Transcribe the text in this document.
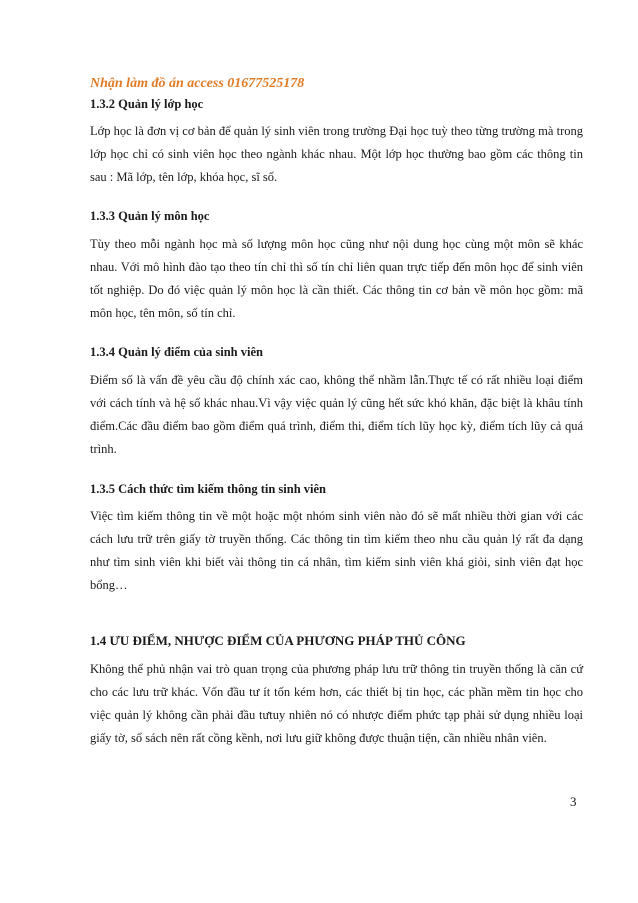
Nhận làm đồ án access 01677525178

1.3.2 Quản lý lớp học

Lớp học là đơn vị cơ bản để quản lý sinh viên trong trường Đại học tuỳ theo từng trường mà trong lớp học chỉ có sinh viên học theo ngành khác nhau. Một lớp học thường bao gồm các thông tin sau : Mã lớp, tên lớp, khóa học, sĩ số.

1.3.3 Quản lý môn học

Tùy theo mỗi ngành học mà số lượng môn học cũng như nội dung học cùng một môn sẽ khác nhau. Với mô hình đào tạo theo tín chỉ thì số tín chỉ liên quan trực tiếp đến môn học để sinh viên tốt nghiệp. Do đó việc quản lý môn học là cần thiết. Các thông tin cơ bản về môn học gồm: mã môn học, tên môn, số tín chỉ.

1.3.4 Quản lý điểm của sinh viên

Điểm số là vấn đề yêu cầu độ chính xác cao, không thể nhầm lẫn.Thực tế có rất nhiều loại điểm với cách tính và hệ số khác nhau.Vì vậy việc quản lý cũng hết sức khó khăn, đặc biệt là khâu tính điểm.Các đầu điểm bao gồm điểm quá trình, điểm thi, điểm tích lũy học kỳ, điểm tích lũy cả quá trình.

1.3.5 Cách thức tìm kiếm thông tin sinh viên

Việc tìm kiếm thông tin về một hoặc một nhóm sinh viên nào đó sẽ mất nhiều thời gian với các cách lưu trữ trên giấy tờ truyền thống. Các thông tin tìm kiếm theo nhu cầu quản lý rất đa dạng như tìm sinh viên khi biết vài thông tin cá nhân, tìm kiếm sinh viên khá giỏi, sinh viên đạt học bổng…

1.4 ƯU ĐIỂM, NHƯỢC ĐIỂM CỦA PHƯƠNG PHÁP THỦ CÔNG

Không thể phủ nhận vai trò quan trọng của phương pháp lưu trữ thông tin truyền thống là căn cứ cho các lưu trữ khác. Vốn đầu tư ít tốn kém hơn, các thiết bị tin học, các phần mềm tin học cho việc quản lý không cần phải đầu tưtuy nhiên nó có nhược điểm phức tạp phải sử dụng nhiều loại giấy tờ, sổ sách nên rất cồng kềnh, nơi lưu giữ không được thuận tiện, cần nhiều nhân viên.

3
